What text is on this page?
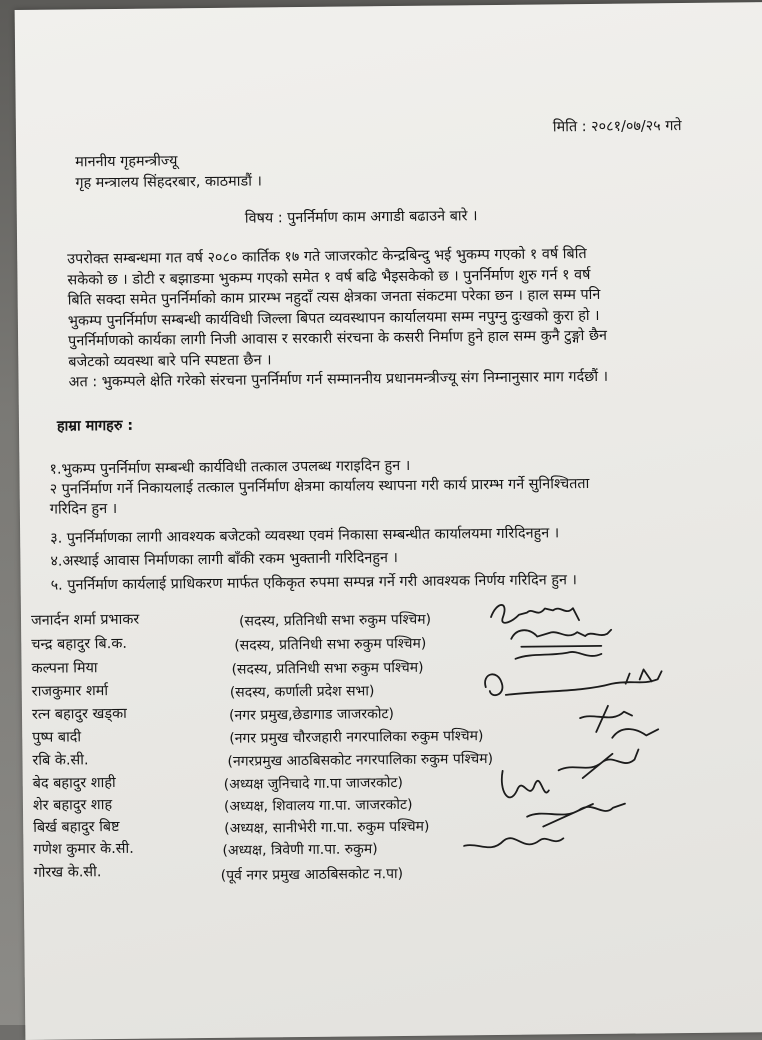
मिति : २०८१/०७/२५ गते
माननीय गृहमन्त्रीज्यू
गृह मन्त्रालय सिंहदरबार, काठमाडौं ।
विषय : पुनर्निर्माण काम अगाडी बढाउने बारे ।

उपरोक्त सम्बन्धमा गत वर्ष २०८० कार्तिक १७ गते जाजरकोट केन्द्रबिन्दु भई भुकम्प गएको १ वर्ष बिति

सकेको छ । डोटी र बझाङमा भुकम्प गएको समेत १ वर्ष बढि भैइसकेको छ । पुनर्निर्माण शुरु गर्न १ वर्ष

बिति सक्दा समेत पुनर्निर्माको काम प्रारम्भ नहुदाँ त्यस क्षेत्रका जनता संकटमा परेका छन । हाल सम्म पनि

भुकम्प पुनर्निर्माण सम्बन्धी कार्यविधी जिल्ला बिपत व्यवस्थापन कार्यालयमा सम्म नपुग्नु दुःखको कुरा हो ।

पुनर्निर्माणको कार्यका लागी निजी आवास र सरकारी संरचना के कसरी निर्माण हुने हाल सम्म कुनै टुङ्गो छैन

बजेटको व्यवस्था बारे पनि स्पष्टता छैन ।

अत : भुकम्पले क्षेति गरेको संरचना पुनर्निर्माण गर्न सम्माननीय प्रधानमन्त्रीज्यू संग निम्नानुसार माग गर्दछौं ।

हाम्रा मागहरु :
१.भुकम्प पुनर्निर्माण सम्बन्धी कार्यविधी तत्काल उपलब्ध गराइदिन हुन ।
२ पुनर्निर्माण गर्ने निकायलाई तत्काल पुनर्निर्माण क्षेत्रमा कार्यालय स्थापना गरी कार्य प्रारम्भ गर्ने सुनिश्चितता
गरिदिन हुन ।
३. पुनर्निर्माणका लागी आवश्यक बजेटको व्यवस्था एवमं निकासा सम्बन्धीत कार्यालयमा गरिदिनहुन ।
४.अस्थाई आवास निर्माणका लागी बाँकी रकम भुक्तानी गरिदिनहुन ।
५. पुनर्निर्माण कार्यलाई प्राधिकरण मार्फत एकिकृत रुपमा सम्पन्न गर्ने गरी आवश्यक निर्णय गरिदिन हुन ।
जनार्दन शर्मा प्रभाकर	(सदस्य, प्रतिनिधी सभा रुकुम पश्चिम)
चन्द्र बहादुर बि.क.	(सदस्य, प्रतिनिधी सभा रुकुम पश्चिम)
कल्पना मिया	(सदस्य, प्रतिनिधी सभा रुकुम पश्चिम)
राजकुमार शर्मा	(सदस्य, कर्णाली प्रदेश सभा)
रत्न बहादुर खड्का	(नगर प्रमुख,छेडागाड जाजरकोट)
पुष्प बादी	(नगर प्रमुख चौरजहारी नगरपालिका रुकुम पश्चिम)
रबि के.सी.	(नगरप्रमुख आठबिसकोट नगरपालिका रुकुम पश्चिम)
बेद बहादुर शाही	(अध्यक्ष जुनिचादे गा.पा जाजरकोट)
शेर बहादुर शाह	(अध्यक्ष, शिवालय गा.पा. जाजरकोट)
बिर्ख बहादुर बिष्ट	(अध्यक्ष, सानीभेरी गा.पा. रुकुम पश्चिम)
गणेश कुमार के.सी.	(अध्यक्ष, त्रिवेणी गा.पा. रुकुम)
गोरख के.सी.	(पूर्व नगर प्रमुख आठबिसकोट न.पा)
